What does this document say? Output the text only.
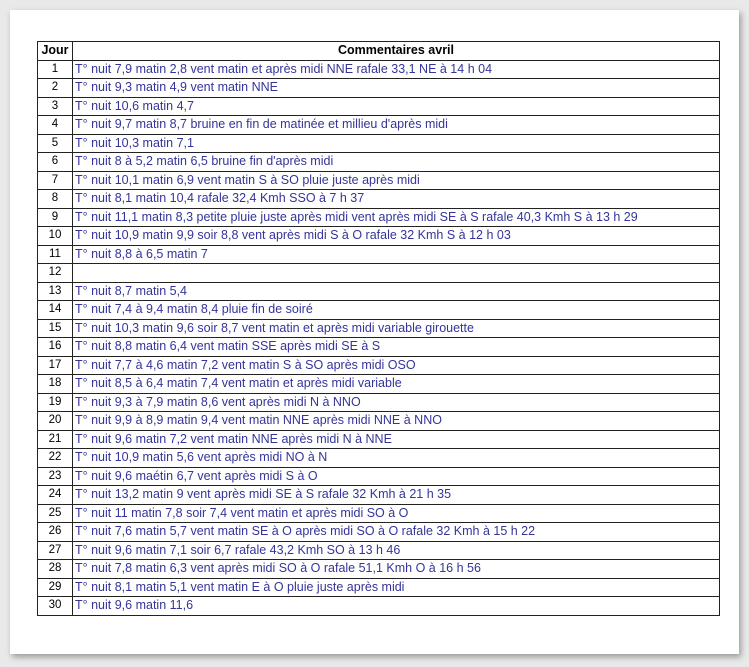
Jour	Commentaires avril
1	T° nuit 7,9 matin 2,8 vent matin et après midi NNE rafale 33,1 NE à 14 h 04
2	T° nuit 9,3 matin 4,9 vent matin NNE
3	T° nuit 10,6 matin 4,7
4	T° nuit 9,7 matin 8,7 bruine en fin de matinée et millieu d'après midi
5	T° nuit 10,3 matin 7,1
6	T° nuit 8 à 5,2 matin 6,5 bruine fin d'après midi
7	T° nuit 10,1 matin 6,9 vent matin S à SO pluie juste après midi
8	T° nuit 8,1 matin 10,4 rafale 32,4 Kmh SSO à 7 h 37
9	T° nuit 11,1 matin 8,3 petite pluie juste après midi vent après midi SE à S rafale 40,3 Kmh S à 13 h 29
10	T° nuit 10,9 matin 9,9 soir 8,8 vent après midi S à O rafale 32 Kmh S à 12 h 03
11	T° nuit 8,8 à 6,5 matin 7
12	
13	T° nuit 8,7 matin 5,4
14	T° nuit 7,4 à 9,4 matin 8,4 pluie fin de soiré
15	T° nuit 10,3 matin 9,6 soir 8,7 vent matin et après midi variable girouette
16	T° nuit 8,8 matin 6,4 vent matin SSE après midi SE à S
17	T° nuit 7,7 à 4,6 matin 7,2 vent matin S à SO après midi OSO
18	T° nuit 8,5 à 6,4 matin 7,4 vent matin et après midi variable
19	T° nuit 9,3 à 7,9 matin 8,6 vent après midi N à NNO
20	T° nuit 9,9 à 8,9 matin 9,4 vent matin NNE après midi NNE à NNO
21	T° nuit 9,6 matin 7,2 vent matin NNE après midi N à NNE
22	T° nuit 10,9 matin 5,6 vent après midi NO à N
23	T° nuit 9,6 maétin 6,7 vent après midi S à O
24	T° nuit 13,2 matin 9 vent après midi SE à S rafale 32 Kmh à 21 h 35
25	T° nuit 11 matin 7,8 soir 7,4 vent matin et après midi SO à O
26	T° nuit 7,6 matin 5,7 vent matin SE à O après midi SO à O rafale 32 Kmh à 15 h 22
27	T° nuit 9,6 matin 7,1 soir 6,7 rafale 43,2 Kmh SO à 13 h 46
28	T° nuit 7,8 matin 6,3 vent après midi SO à O rafale 51,1 Kmh O à 16 h 56
29	T° nuit 8,1 matin 5,1 vent matin E à O pluie juste après midi
30	T° nuit 9,6 matin 11,6
